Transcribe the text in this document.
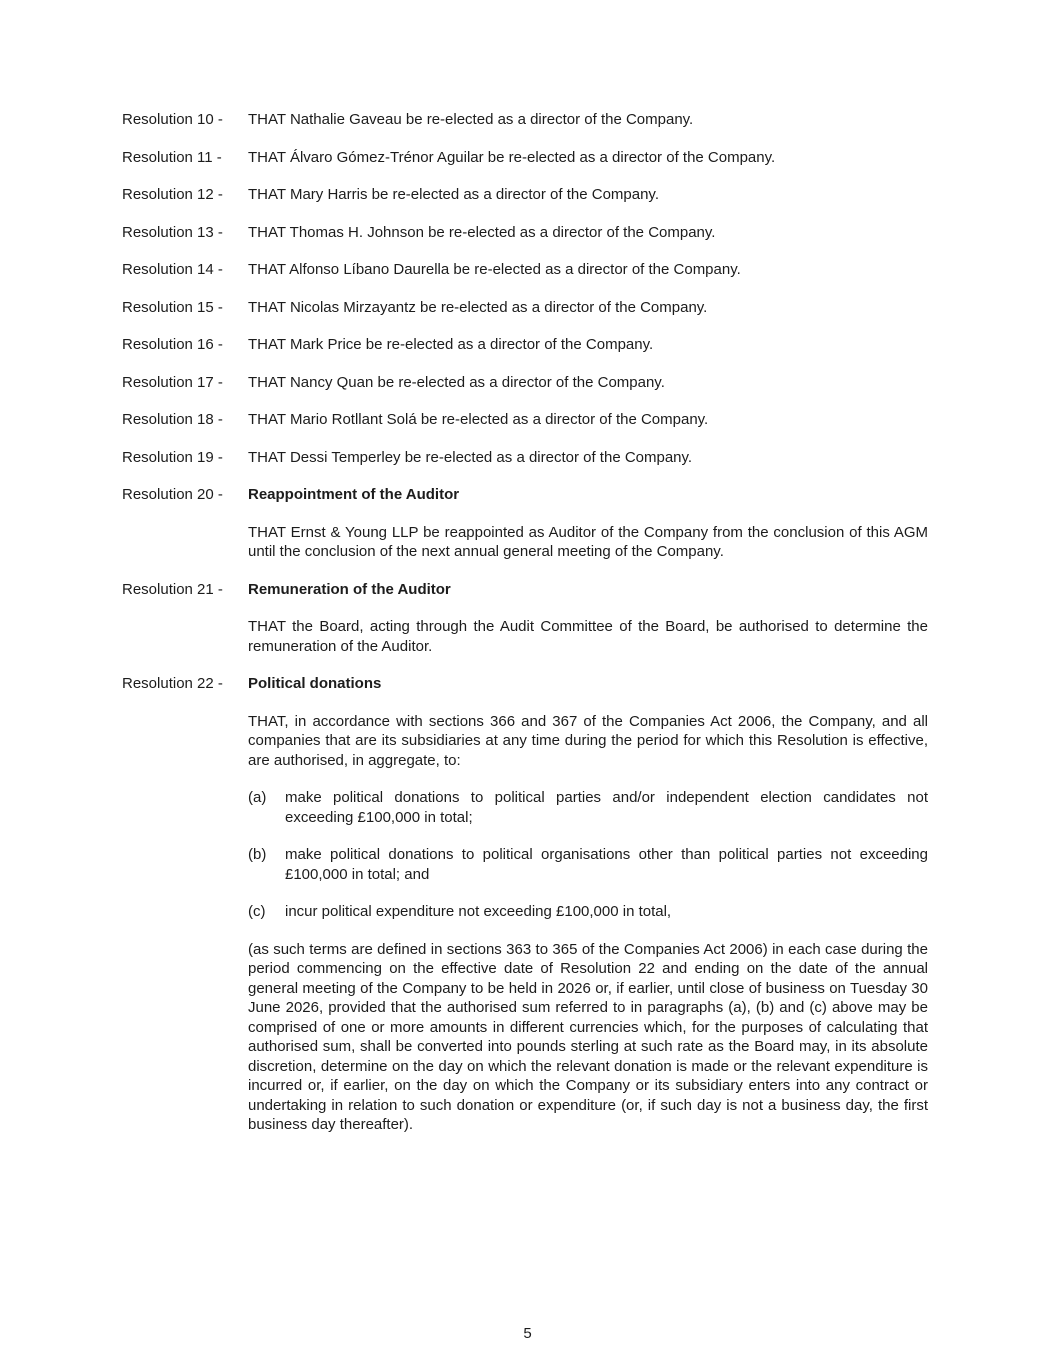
Resolution 10 -	THAT Nathalie Gaveau be re-elected as a director of the Company.
Resolution 11 -	THAT Álvaro Gómez-Trénor Aguilar be re-elected as a director of the Company.
Resolution 12 -	THAT Mary Harris be re-elected as a director of the Company.
Resolution 13 -	THAT Thomas H. Johnson be re-elected as a director of the Company.
Resolution 14 -	THAT Alfonso Líbano Daurella be re-elected as a director of the Company.
Resolution 15 -	THAT Nicolas Mirzayantz be re-elected as a director of the Company.
Resolution 16 -	THAT Mark Price be re-elected as a director of the Company.
Resolution 17 -	THAT Nancy Quan be re-elected as a director of the Company.
Resolution 18 -	THAT Mario Rotllant Solá be re-elected as a director of the Company.
Resolution 19 -	THAT Dessi Temperley be re-elected as a director of the Company.
Resolution 20 -	Reappointment of the Auditor
THAT Ernst & Young LLP be reappointed as Auditor of the Company from the conclusion of this AGM until the conclusion of the next annual general meeting of the Company.
Resolution 21 -	Remuneration of the Auditor
THAT the Board, acting through the Audit Committee of the Board, be authorised to determine the remuneration of the Auditor.
Resolution 22 -	Political donations
THAT, in accordance with sections 366 and 367 of the Companies Act 2006, the Company, and all companies that are its subsidiaries at any time during the period for which this Resolution is effective, are authorised, in aggregate, to:
(a)	make political donations to political parties and/or independent election candidates not exceeding £100,000 in total;
(b)	make political donations to political organisations other than political parties not exceeding £100,000 in total; and
(c)	incur political expenditure not exceeding £100,000 in total,
(as such terms are defined in sections 363 to 365 of the Companies Act 2006) in each case during the period commencing on the effective date of Resolution 22 and ending on the date of the annual general meeting of the Company to be held in 2026 or, if earlier, until close of business on Tuesday 30 June 2026, provided that the authorised sum referred to in paragraphs (a), (b) and (c) above may be comprised of one or more amounts in different currencies which, for the purposes of calculating that authorised sum, shall be converted into pounds sterling at such rate as the Board may, in its absolute discretion, determine on the day on which the relevant donation is made or the relevant expenditure is incurred or, if earlier, on the day on which the Company or its subsidiary enters into any contract or undertaking in relation to such donation or expenditure (or, if such day is not a business day, the first business day thereafter).
5
